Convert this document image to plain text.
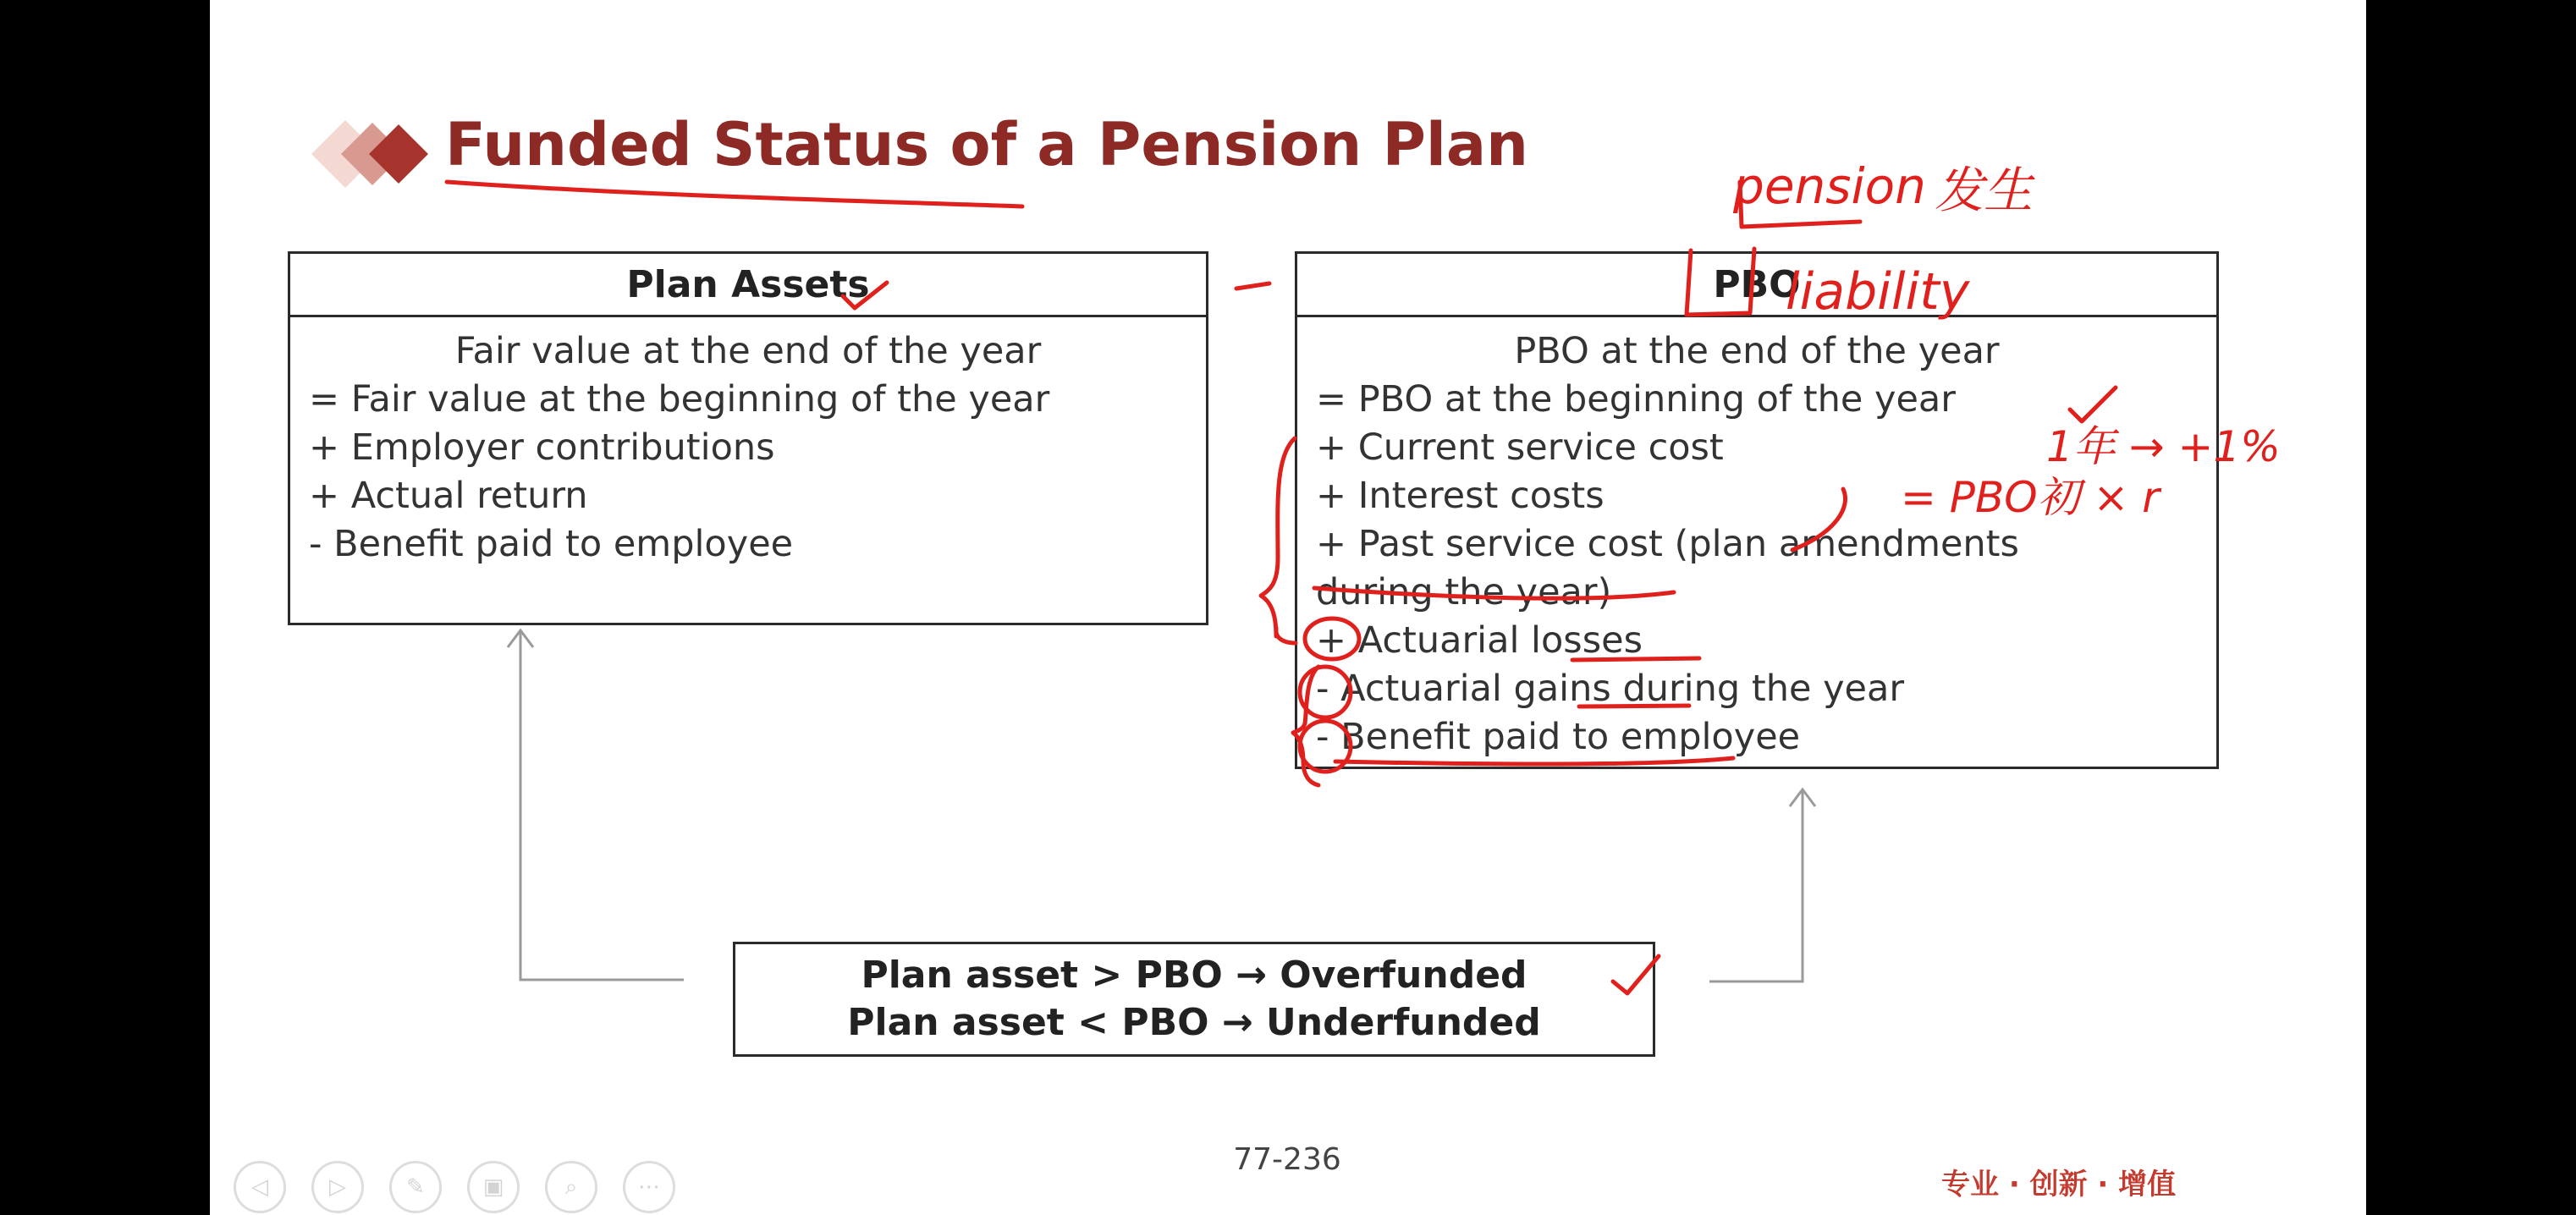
Funded Status of a Pension Plan
Plan Assets
Fair value at the end of the year
= Fair value at the beginning of the year
+ Employer contributions
+ Actual return
- Benefit paid to employee
PBO
PBO at the end of the year
= PBO at the beginning of the year
+ Current service cost
+ Interest costs
+ Past service cost (plan amendments during the year)
+ Actuarial losses
- Actuarial gains during the year
- Benefit paid to employee
Plan asset > PBO → Overfunded
Plan asset < PBO → Underfunded
pension 发生
liability
1年 → +1%
= PBO初 × r
77-236
专业 · 创新 · 增值
◁	▷	✎	▣	⌕	⋯
